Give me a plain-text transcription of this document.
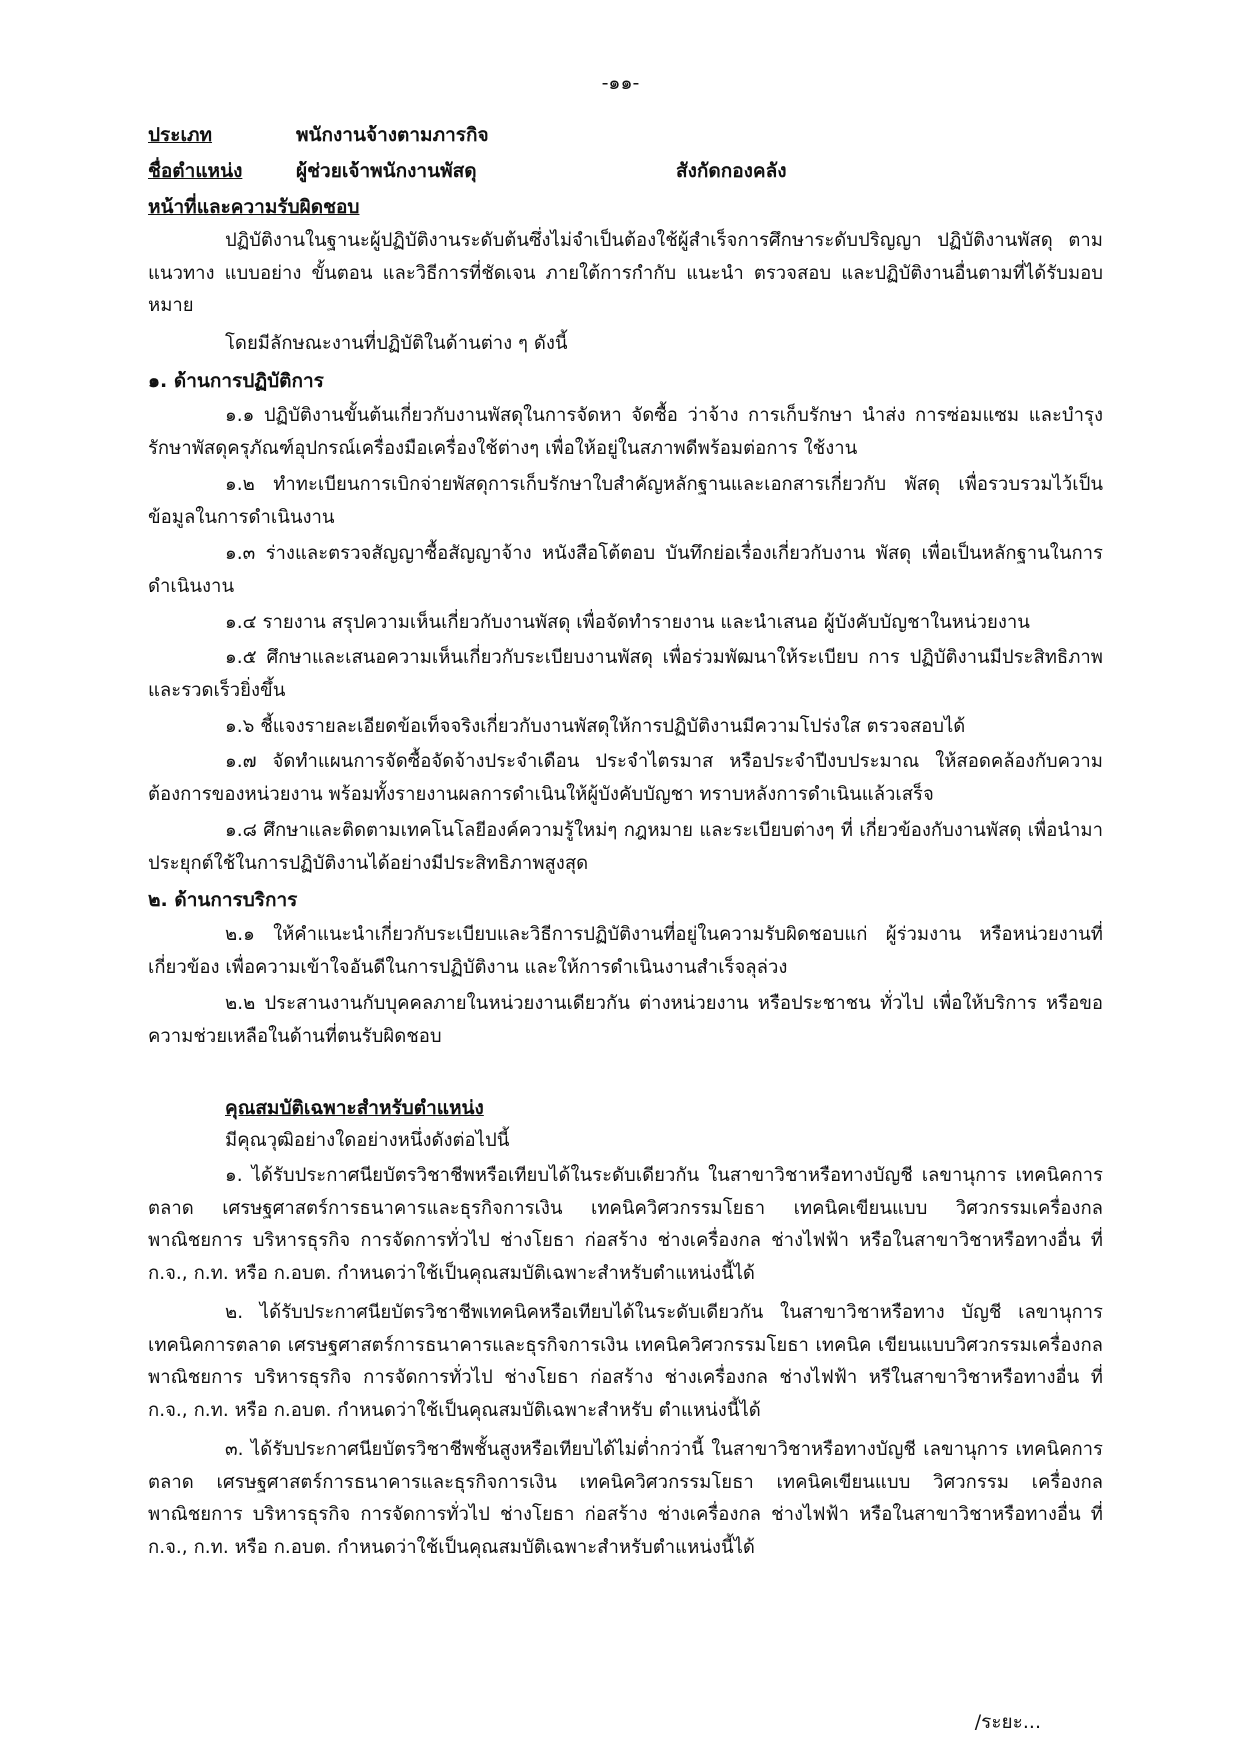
-๑๑-
ประเภท	พนักงานจ้างตามภารกิจ
ชื่อตำแหน่ง	ผู้ช่วยเจ้าพนักงานพัสดุ	สังกัดกองคลัง
หน้าที่และความรับผิดชอบ
ปฏิบัติงานในฐานะผู้ปฏิบัติงานระดับต้นซึ่งไม่จำเป็นต้องใช้ผู้สำเร็จการศึกษาระดับปริญญา ปฏิบัติงานพัสดุ ตามแนวทาง แบบอย่าง ขั้นตอน และวิธีการที่ชัดเจน ภายใต้การกำกับ แนะนำ ตรวจสอบ และปฏิบัติงานอื่นตามที่ได้รับมอบหมาย
โดยมีลักษณะงานที่ปฏิบัติในด้านต่าง ๆ ดังนี้
๑. ด้านการปฏิบัติการ
๑.๑ ปฏิบัติงานขั้นต้นเกี่ยวกับงานพัสดุในการจัดหา จัดซื้อ ว่าจ้าง การเก็บรักษา นำส่ง การซ่อมแซม และบำรุงรักษาพัสดุครุภัณฑ์อุปกรณ์เครื่องมือเครื่องใช้ต่างๆ เพื่อให้อยู่ในสภาพดีพร้อมต่อการ ใช้งาน
๑.๒ ทำทะเบียนการเบิกจ่ายพัสดุการเก็บรักษาใบสำคัญหลักฐานและเอกสารเกี่ยวกับ พัสดุ เพื่อรวบรวมไว้เป็นข้อมูลในการดำเนินงาน
๑.๓ ร่างและตรวจสัญญาซื้อสัญญาจ้าง หนังสือโต้ตอบ บันทึกย่อเรื่องเกี่ยวกับงาน พัสดุ เพื่อเป็นหลักฐานในการดำเนินงาน
๑.๔ รายงาน สรุปความเห็นเกี่ยวกับงานพัสดุ เพื่อจัดทำรายงาน และนำเสนอ ผู้บังคับบัญชาในหน่วยงาน
๑.๕ ศึกษาและเสนอความเห็นเกี่ยวกับระเบียบงานพัสดุ เพื่อร่วมพัฒนาให้ระเบียบ การ ปฏิบัติงานมีประสิทธิภาพและรวดเร็วยิ่งขึ้น
๑.๖ ชี้แจงรายละเอียดข้อเท็จจริงเกี่ยวกับงานพัสดุให้การปฏิบัติงานมีความโปร่งใส ตรวจสอบได้
๑.๗ จัดทำแผนการจัดซื้อจัดจ้างประจำเดือน ประจำไตรมาส หรือประจำปีงบประมาณ ให้สอดคล้องกับความต้องการของหน่วยงาน พร้อมทั้งรายงานผลการดำเนินให้ผู้บังคับบัญชา ทราบหลังการดำเนินแล้วเสร็จ
๑.๘ ศึกษาและติดตามเทคโนโลยีองค์ความรู้ใหม่ๆ กฎหมาย และระเบียบต่างๆ ที่ เกี่ยวข้องกับงานพัสดุ เพื่อนำมาประยุกต์ใช้ในการปฏิบัติงานได้อย่างมีประสิทธิภาพสูงสุด
๒. ด้านการบริการ
๒.๑ ให้คำแนะนำเกี่ยวกับระเบียบและวิธีการปฏิบัติงานที่อยู่ในความรับผิดชอบแก่ ผู้ร่วมงาน หรือหน่วยงานที่เกี่ยวข้อง เพื่อความเข้าใจอันดีในการปฏิบัติงาน และให้การดำเนินงานสำเร็จลุล่วง
๒.๒ ประสานงานกับบุคคลภายในหน่วยงานเดียวกัน ต่างหน่วยงาน หรือประชาชน ทั่วไป เพื่อให้บริการ หรือขอความช่วยเหลือในด้านที่ตนรับผิดชอบ
คุณสมบัติเฉพาะสำหรับตำแหน่ง
มีคุณวุฒิอย่างใดอย่างหนึ่งดังต่อไปนี้
๑. ได้รับประกาศนียบัตรวิชาชีพหรือเทียบได้ในระดับเดียวกัน ในสาขาวิชาหรือทางบัญชี เลขานุการ เทคนิคการตลาด เศรษฐศาสตร์การธนาคารและธุรกิจการเงิน เทคนิควิศวกรรมโยธา เทคนิคเขียนแบบ วิศวกรรมเครื่องกล พาณิชยการ บริหารธุรกิจ การจัดการทั่วไป ช่างโยธา ก่อสร้าง ช่างเครื่องกล ช่างไฟฟ้า หรือในสาขาวิชาหรือทางอื่น ที่ ก.จ., ก.ท. หรือ ก.อบต. กำหนดว่าใช้เป็นคุณสมบัติเฉพาะสำหรับตำแหน่งนี้ได้
๒. ได้รับประกาศนียบัตรวิชาชีพเทคนิคหรือเทียบได้ในระดับเดียวกัน ในสาขาวิชาหรือทาง บัญชี เลขานุการ เทคนิคการตลาด เศรษฐศาสตร์การธนาคารและธุรกิจการเงิน เทคนิควิศวกรรมโยธา เทคนิค เขียนแบบวิศวกรรมเครื่องกล พาณิชยการ บริหารธุรกิจ การจัดการทั่วไป ช่างโยธา ก่อสร้าง ช่างเครื่องกล ช่างไฟฟ้า หรีในสาขาวิชาหรือทางอื่น ที่ ก.จ., ก.ท. หรือ ก.อบต. กำหนดว่าใช้เป็นคุณสมบัติเฉพาะสำหรับ ตำแหน่งนี้ได้
๓. ได้รับประกาศนียบัตรวิชาชีพชั้นสูงหรือเทียบได้ไม่ต่ำกว่านี้ ในสาขาวิชาหรือทางบัญชี เลขานุการ เทคนิคการตลาด เศรษฐศาสตร์การธนาคารและธุรกิจการเงิน เทคนิควิศวกรรมโยธา เทคนิคเขียนแบบ วิศวกรรม เครื่องกล พาณิชยการ บริหารธุรกิจ การจัดการทั่วไป ช่างโยธา ก่อสร้าง ช่างเครื่องกล ช่างไฟฟ้า หรือในสาขาวิชาหรือทางอื่น ที่ ก.จ., ก.ท. หรือ ก.อบต. กำหนดว่าใช้เป็นคุณสมบัติเฉพาะสำหรับตำแหน่งนี้ได้
/ระยะ...
